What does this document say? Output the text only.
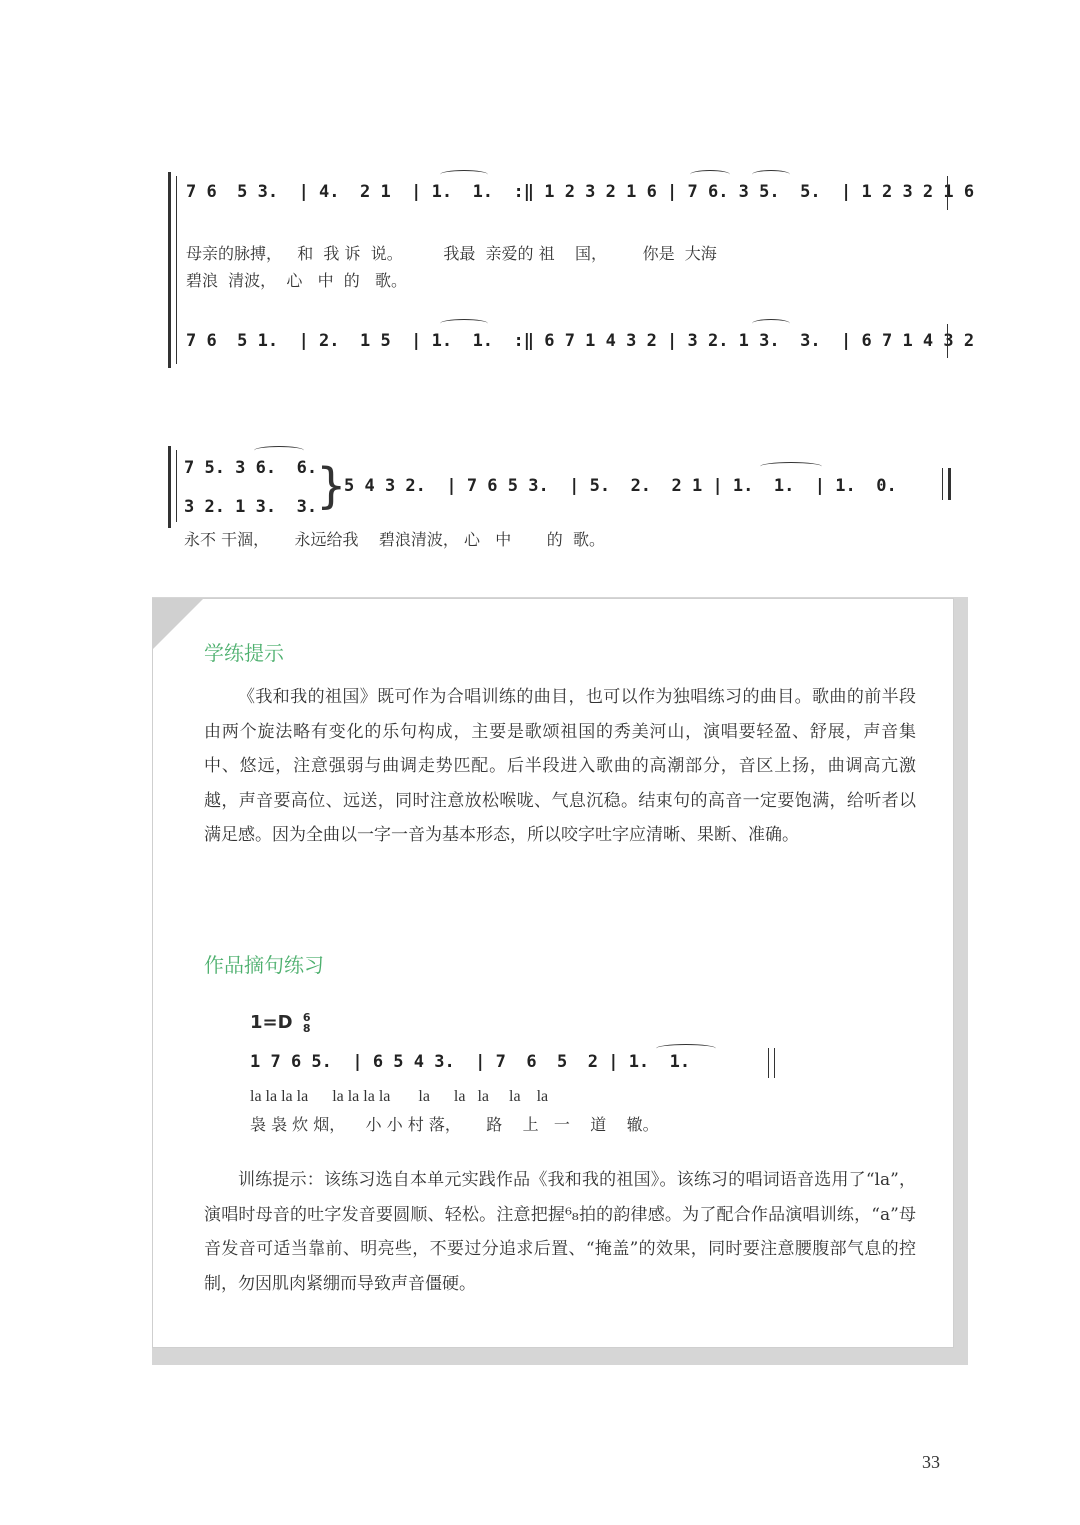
7 6  5 3.  | 4.  2 1  | 1.  1.  :‖ 1 2 3 2 1 6 | 7 6. 3 5.  5.  | 1 2 3 2 1 6
母亲的脉搏，   和  我 诉  说。        我最  亲爱的 祖    国，       你是  大海
碧浪  清波，  心   中  的   歌。
7 6  5 1.  | 2.  1 5  | 1.  1.  :‖ 6 7 1 4 3 2 | 3 2. 1 3.  3.  | 6 7 1 4 3 2
7 5. 3 6.  6.
3 2. 1 3.  3.
}
5 4 3 2.  | 7 6 5 3.  | 5.  2.  2 1 | 1.  1.  | 1.  0.
永不 干涸，     永远给我    碧浪清波， 心   中       的  歌。
学练提示
《我和我的祖国》既可作为合唱训练的曲目，也可以作为独唱练习的曲目。歌曲的前半段由两个旋法略有变化的乐句构成，主要是歌颂祖国的秀美河山，演唱要轻盈、舒展，声音集中、悠远，注意强弱与曲调走势匹配。后半段进入歌曲的高潮部分，音区上扬，曲调高亢激越，声音要高位、远送，同时注意放松喉咙、气息沉稳。结束句的高音一定要饱满，给听者以满足感。因为全曲以一字一音为基本形态，所以咬字吐字应清晰、果断、准确。
作品摘句练习
1=D 6
8
1 7 6 5.  | 6 5 4 3.  | 7  6  5  2 | 1.  1.
la la la la      la la la la       la      la   la     la    la
袅 袅 炊 烟，    小 小 村 落，     路    上   一    道    辙。
训练提示：该练习选自本单元实践作品《我和我的祖国》。该练习的唱词语音选用了“la”，演唱时母音的吐字发音要圆顺、轻松。注意把握⁶₈拍的韵律感。为了配合作品演唱训练，“a”母音发音可适当靠前、明亮些，不要过分追求后置、“掩盖”的效果，同时要注意腰腹部气息的控制，勿因肌肉紧绷而导致声音僵硬。
33
